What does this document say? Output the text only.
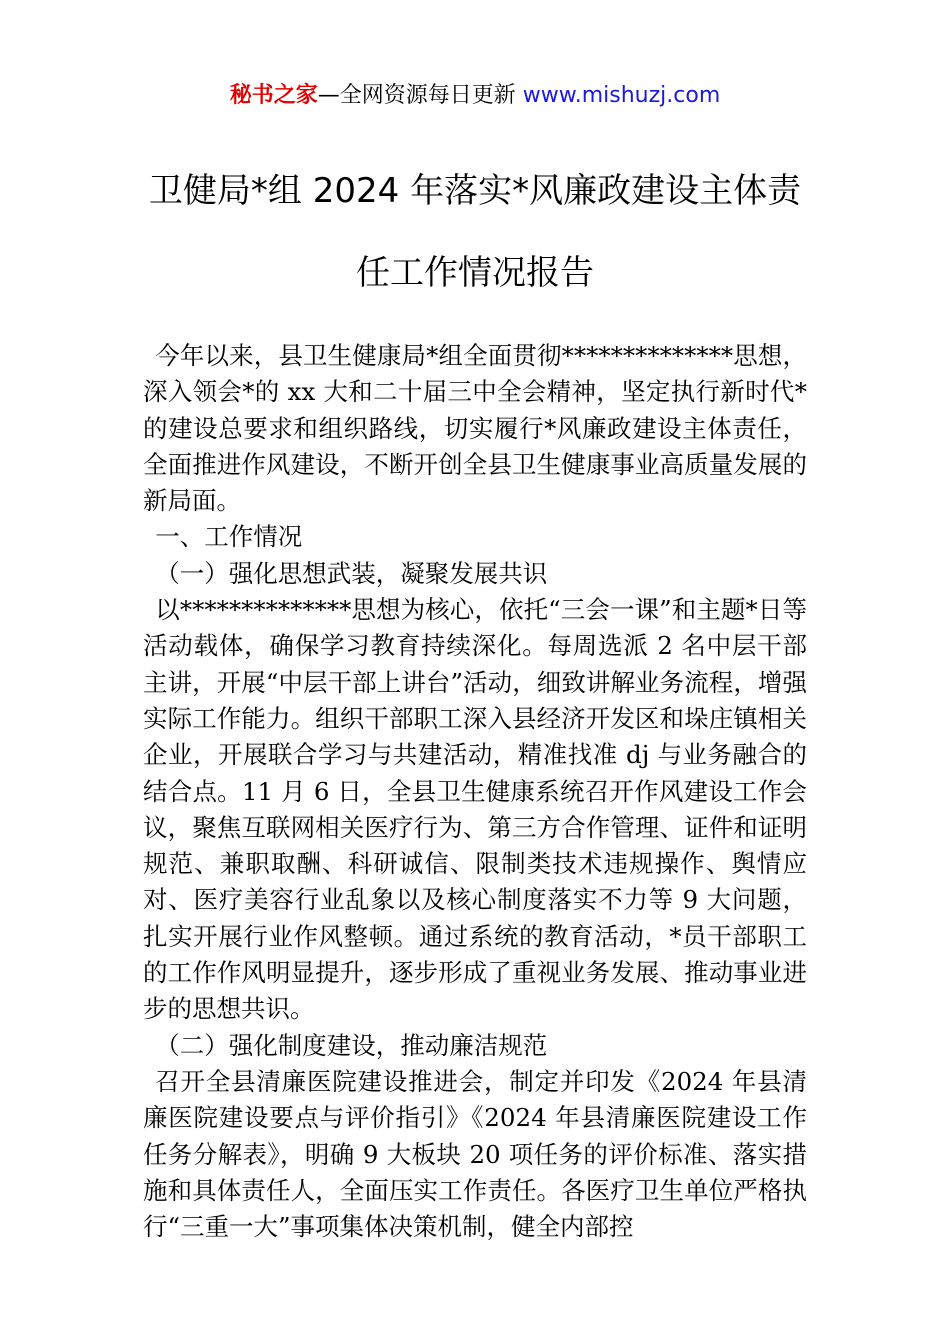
秘书之家—全网资源每日更新 www.mishuzj.com
卫健局*组 2024 年落实*风廉政建设主体责
任工作情况报告

今年以来，县卫生健康局*组全面贯彻**************思想，深入领会*的 xx 大和二十届三中全会精神，坚定执行新时代*的建设总要求和组织路线，切实履行*风廉政建设主体责任，全面推进作风建设，不断开创全县卫生健康事业高质量发展的新局面。

一、工作情况
（一）强化思想武装，凝聚发展共识

以**************思想为核心，依托“三会一课”和主题*日等活动载体，确保学习教育持续深化。每周选派 2 名中层干部主讲，开展“中层干部上讲台”活动，细致讲解业务流程，增强实际工作能力。组织干部职工深入县经济开发区和垛庄镇相关企业，开展联合学习与共建活动，精准找准 dj 与业务融合的结合点。11 月 6 日，全县卫生健康系统召开作风建设工作会议，聚焦互联网相关医疗行为、第三方合作管理、证件和证明规范、兼职取酬、科研诚信、限制类技术违规操作、舆情应对、医疗美容行业乱象以及核心制度落实不力等 9 大问题，扎实开展行业作风整顿。通过系统的教育活动，*员干部职工的工作作风明显提升，逐步形成了重视业务发展、推动事业进步的思想共识。

（二）强化制度建设，推动廉洁规范

召开全县清廉医院建设推进会，制定并印发《2024 年县清廉医院建设要点与评价指引》《2024 年县清廉医院建设工作任务分解表》，明确 9 大板块 20 项任务的评价标准、落实措施和具体责任人，全面压实工作责任。各医疗卫生单位严格执行“三重一大”事项集体决策机制，健全内部控
